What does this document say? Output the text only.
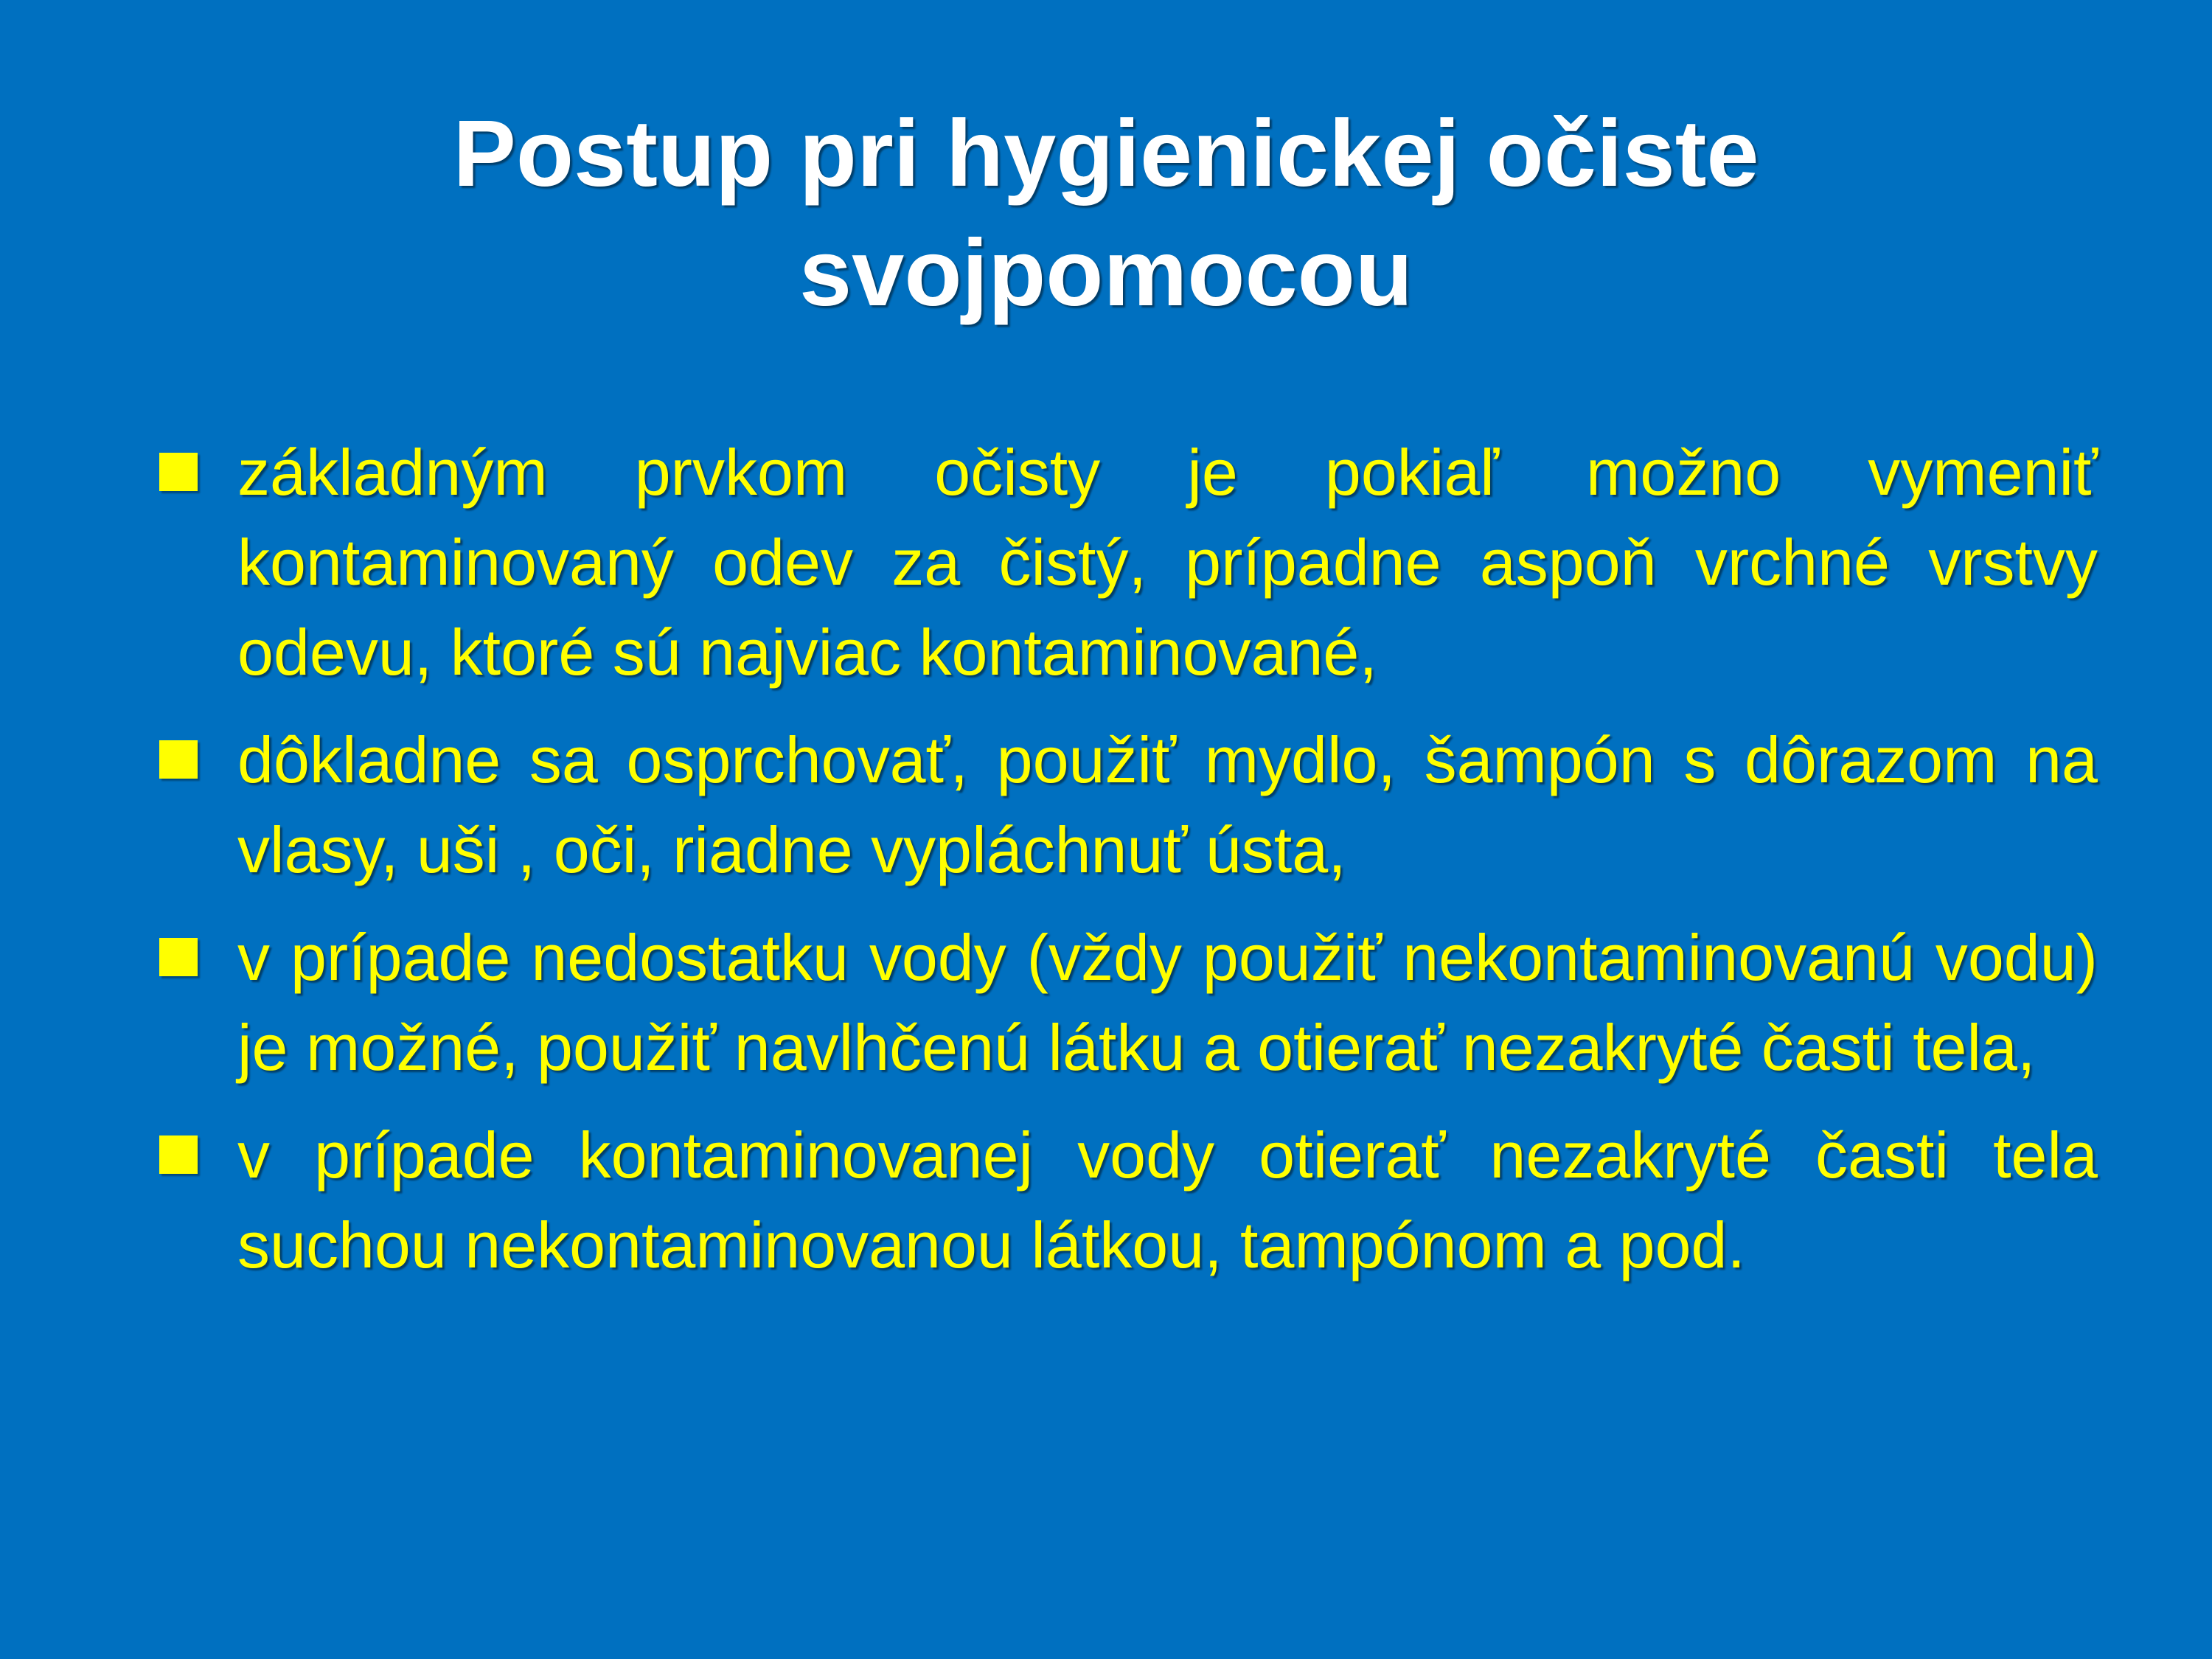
Postup pri hygienickej očiste
svojpomocou
základným prvkom očisty je pokiaľ možno vymeniť kontaminovaný odev za čistý, prípadne aspoň vrchné vrstvy odevu, ktoré sú najviac kontaminované,
dôkladne sa osprchovať, použiť mydlo, šampón s dôrazom na vlasy, uši , oči, riadne vypláchnuť ústa,
v prípade nedostatku vody (vždy použiť nekontaminovanú vodu) je možné, použiť navlhčenú látku a otierať nezakryté časti tela,
v prípade kontaminovanej vody otierať nezakryté časti tela suchou nekontaminovanou látkou, tampónom a pod.
